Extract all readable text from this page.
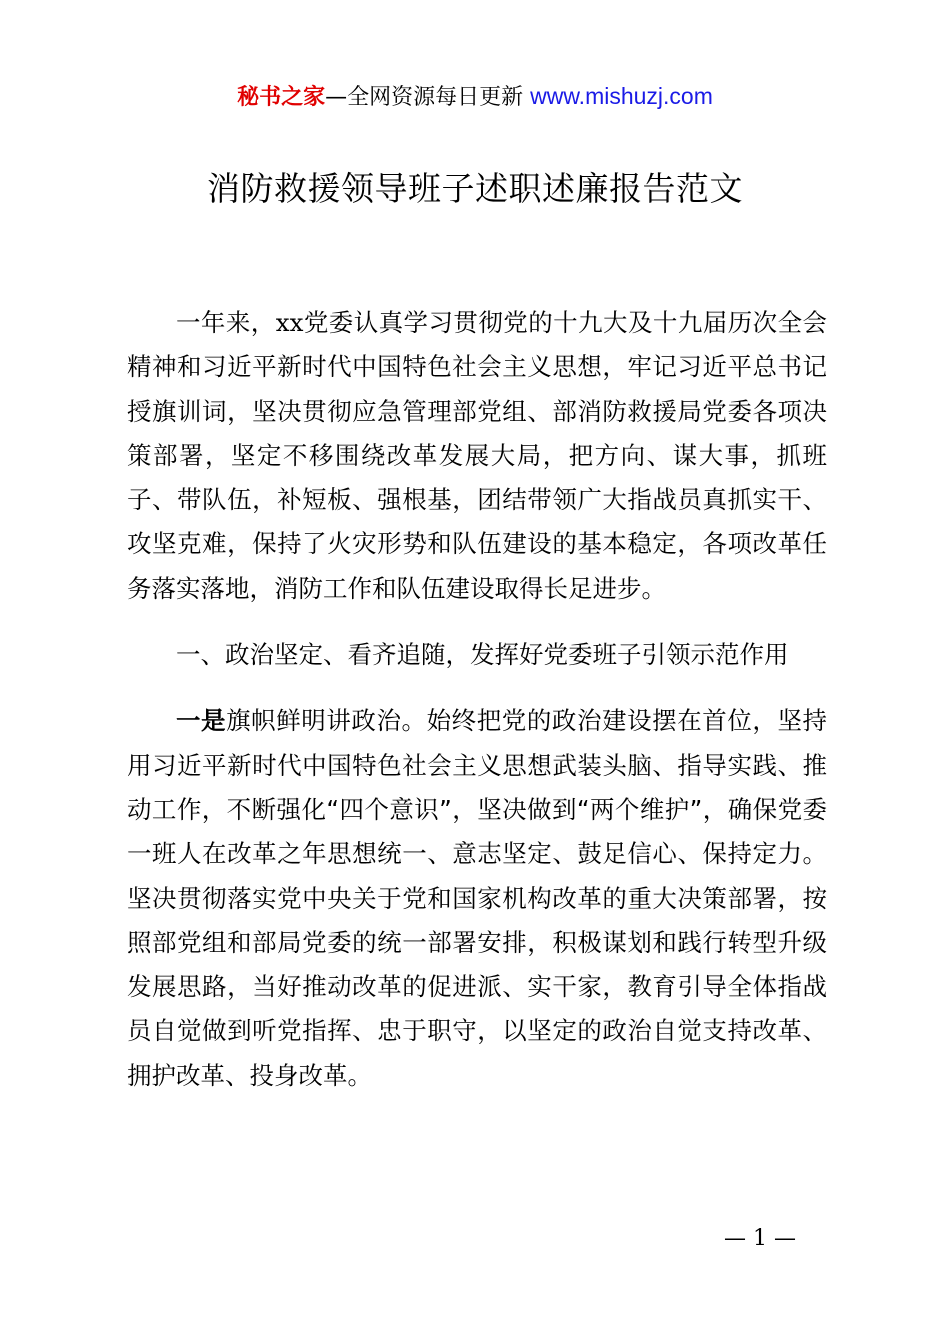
秘书之家—全网资源每日更新 www.mishuzj.com
消防救援领导班子述职述廉报告范文

一年来，xx党委认真学习贯彻党的十九大及十九届历次全会精神和习近平新时代中国特色社会主义思想，牢记习近平总书记授旗训词，坚决贯彻应急管理部党组、部消防救援局党委各项决策部署，坚定不移围绕改革发展大局，把方向、谋大事，抓班子、带队伍，补短板、强根基，团结带领广大指战员真抓实干、攻坚克难，保持了火灾形势和队伍建设的基本稳定，各项改革任务落实落地，消防工作和队伍建设取得长足进步。

一、政治坚定、看齐追随，发挥好党委班子引领示范作用

一是旗帜鲜明讲政治。始终把党的政治建设摆在首位，坚持用习近平新时代中国特色社会主义思想武装头脑、指导实践、推动工作，不断强化“四个意识”，坚决做到“两个维护”，确保党委一班人在改革之年思想统一、意志坚定、鼓足信心、保持定力。坚决贯彻落实党中央关于党和国家机构改革的重大决策部署，按照部党组和部局党委的统一部署安排，积极谋划和践行转型升级发展思路，当好推动改革的促进派、实干家，教育引导全体指战员自觉做到听党指挥、忠于职守，以坚定的政治自觉支持改革、拥护改革、投身改革。

— 1 —
